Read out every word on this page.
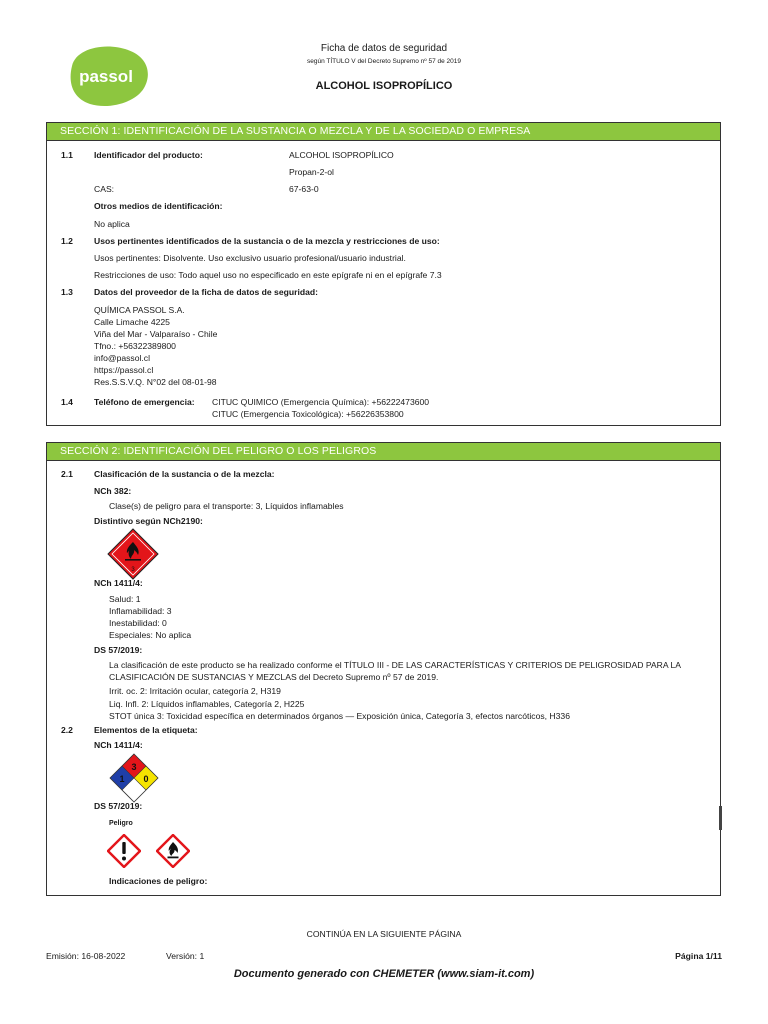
passol
Ficha de datos de seguridad
según TÍTULO V del Decreto Supremo nº 57 de 2019
ALCOHOL ISOPROPÍLICO
SECCIÓN 1: IDENTIFICACIÓN DE LA SUSTANCIA O MEZCLA Y DE LA SOCIEDAD O EMPRESA
1.1 Identificador del producto:	ALCOHOL ISOPROPÍLICO
Propan-2-ol
CAS:	67-63-0
Otros medios de identificación:
No aplica
1.2 Usos pertinentes identificados de la sustancia o de la mezcla y restricciones de uso:
Usos pertinentes: Disolvente. Uso exclusivo usuario profesional/usuario industrial.
Restricciones de uso: Todo aquel uso no especificado en este epígrafe ni en el epígrafe 7.3
1.3 Datos del proveedor de la ficha de datos de seguridad:
QUÍMICA PASSOL S.A.
Calle Limache 4225
Viña del Mar - Valparaíso - Chile
Tfno.: +56322389800
info@passol.cl
https://passol.cl
Res.S.S.V.Q. N°02 del 08-01-98
1.4 Teléfono de emergencia: CITUC QUIMICO (Emergencia Química): +56222473600
CITUC (Emergencia Toxicológica): +56226353800
SECCIÓN 2: IDENTIFICACIÓN DEL PELIGRO O LOS PELIGROS
2.1 Clasificación de la sustancia o de la mezcla:
NCh 382:
Clase(s) de peligro para el transporte: 3, Líquidos inflamables
Distintivo según NCh2190:
3
NCh 1411/4:
Salud: 1
Inflamabilidad: 3
Inestabilidad: 0
Especiales: No aplica
DS 57/2019:
La clasificación de este producto se ha realizado conforme el TÍTULO III - DE LAS CARACTERÍSTICAS Y CRITERIOS DE PELIGROSIDAD PARA LA
CLASIFICACIÓN DE SUSTANCIAS Y MEZCLAS del Decreto Supremo nº 57 de 2019.
Irrit. oc. 2: Irritación ocular, categoría 2, H319
Liq. Infl. 2: Líquidos inflamables, Categoría 2, H225
STOT única 3: Toxicidad específica en determinados órganos — Exposición única, Categoría 3, efectos narcóticos, H336
2.2 Elementos de la etiqueta:
NCh 1411/4:
3
1 0
DS 57/2019:
Peligro
Indicaciones de peligro:
CONTINÚA EN LA SIGUIENTE PÁGINA
Emisión: 16-08-2022	Versión: 1	Página 1/11
Documento generado con CHEMETER (www.siam-it.com)
